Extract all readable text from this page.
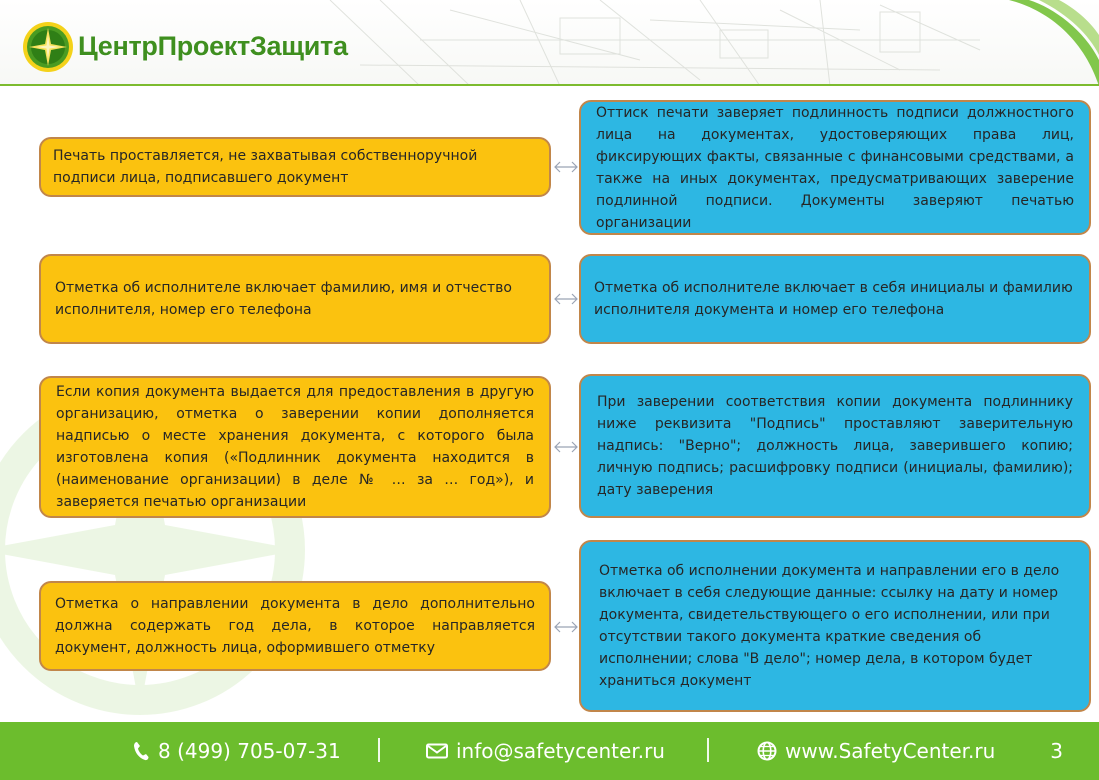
ЦентрПроектЗащита
Печать проставляется, не захватывая собственноручной подписи лица, подписавшего документ
Оттиск печати заверяет подлинность подписи должностного лица на документах, удостоверяющих права лиц, фиксирующих факты, связанные с финансовыми средствами, а также на иных документах, предусматривающих заверение подлинной подписи. Документы заверяют печатью организации
Отметка об исполнителе включает фамилию, имя и отчество исполнителя, номер его телефона
Отметка об исполнителе включает в себя инициалы и фамилию исполнителя документа и номер его телефона
Если копия документа выдается для предоставления в другую организацию, отметка о заверении копии дополняется надписью о месте хранения документа, с которого была изготовлена копия («Подлинник документа находится в (наименование организации) в деле № … за … год»), и заверяется печатью организации
При заверении соответствия копии документа подлиннику ниже реквизита "Подпись" проставляют заверительную надпись: "Верно"; должность лица, заверившего копию; личную подпись; расшифровку подписи (инициалы, фамилию); дату заверения
Отметка о направлении документа в дело дополнительно должна содержать год дела, в которое направляется документ, должность лица, оформившего отметку
Отметка об исполнении документа и направлении его в дело включает в себя следующие данные: ссылку на дату и номер документа, свидетельствующего о его исполнении, или при отсутствии такого документа краткие сведения об исполнении; слова "В дело"; номер дела, в котором будет храниться документ
8 (499) 705-07-31	info@safetycenter.ru	www.SafetyCenter.ru	3
